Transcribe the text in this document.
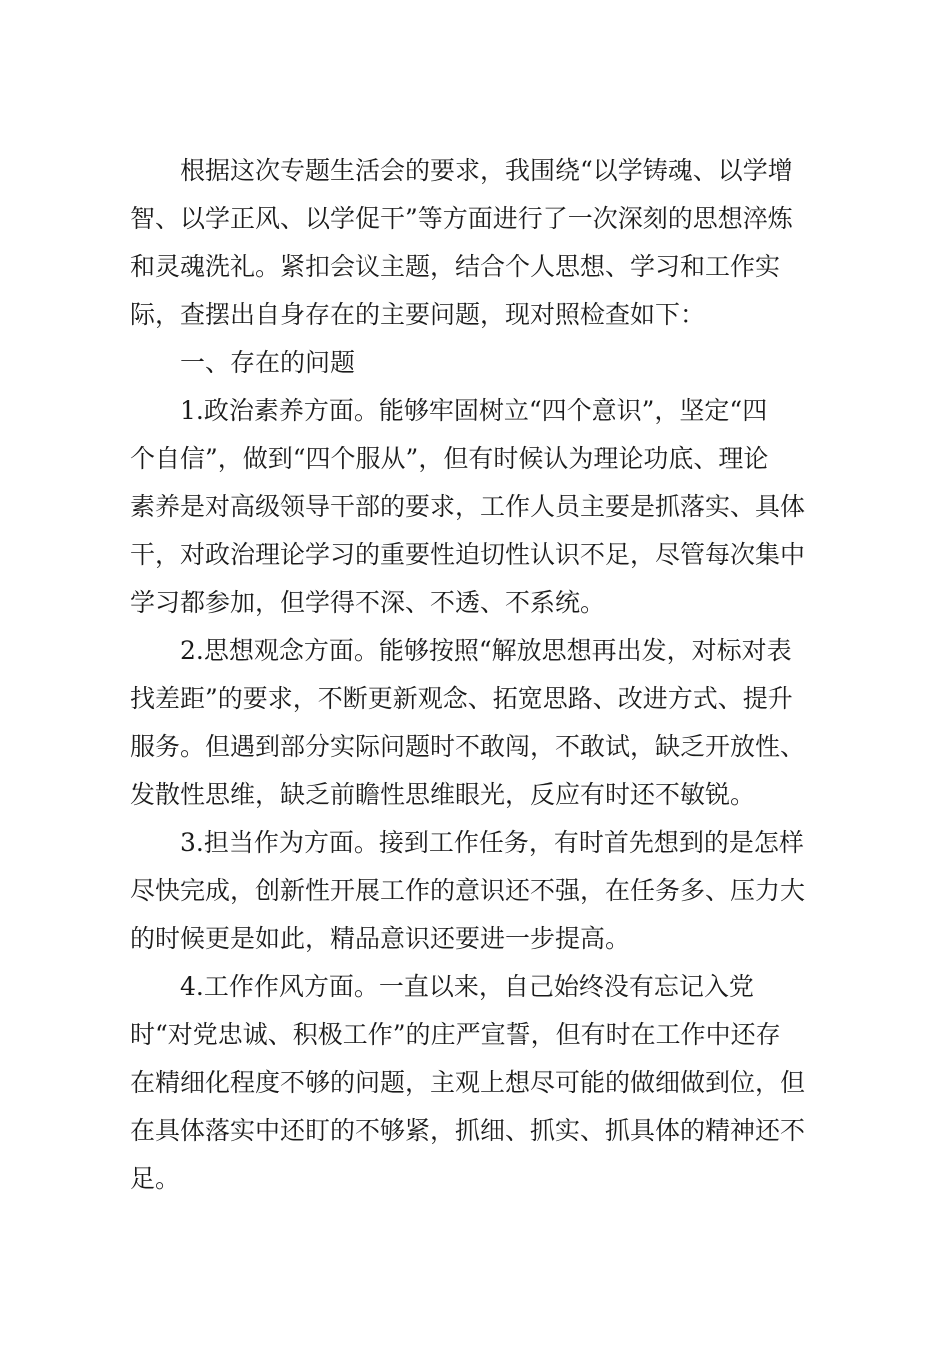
根据这次专题生活会的要求，我围绕“以学铸魂、以学增
智、以学正风、以学促干”等方面进行了一次深刻的思想淬炼
和灵魂洗礼。紧扣会议主题，结合个人思想、学习和工作实
际，查摆出自身存在的主要问题，现对照检查如下：
一、存在的问题
1.政治素养方面。能够牢固树立“四个意识”，坚定“四
个自信”，做到“四个服从”，但有时候认为理论功底、理论
素养是对高级领导干部的要求，工作人员主要是抓落实、具体
干，对政治理论学习的重要性迫切性认识不足，尽管每次集中
学习都参加，但学得不深、不透、不系统。
2.思想观念方面。能够按照“解放思想再出发，对标对表
找差距”的要求，不断更新观念、拓宽思路、改进方式、提升
服务。但遇到部分实际问题时不敢闯，不敢试，缺乏开放性、
发散性思维，缺乏前瞻性思维眼光，反应有时还不敏锐。
3.担当作为方面。接到工作任务，有时首先想到的是怎样
尽快完成，创新性开展工作的意识还不强，在任务多、压力大
的时候更是如此，精品意识还要进一步提高。
4.工作作风方面。一直以来，自己始终没有忘记入党
时“对党忠诚、积极工作”的庄严宣誓，但有时在工作中还存
在精细化程度不够的问题，主观上想尽可能的做细做到位，但
在具体落实中还盯的不够紧，抓细、抓实、抓具体的精神还不
足。
